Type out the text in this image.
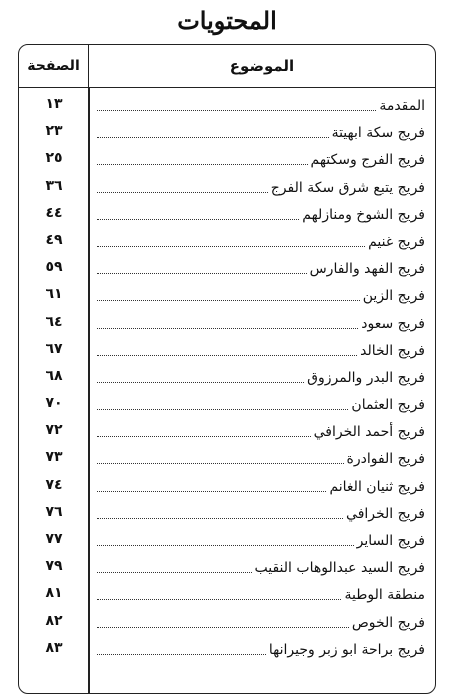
المحتويات
الصفحة	الموضوع
١٣	المقدمة
٢٣	فريج سكة ابهيتة
٢٥	فريج الفرج وسكتهم
٣٦	فريج يتبع شرق سكة الفرج
٤٤	فريج الشوخ ومنازلهم
٤٩	فريج غنيم
٥٩	فريج الفهد والفارس
٦١	فريج الزين
٦٤	فريج سعود
٦٧	فريج الخالد
٦٨	فريج البدر والمرزوق
٧٠	فريج العثمان
٧٢	فريج أحمد الخرافي
٧٣	فريج الفوادرة
٧٤	فريج ثنيان الغانم
٧٦	فريج الخرافي
٧٧	فريج الساير
٧٩	فريج السيد عبدالوهاب النقيب
٨١	منطقة الوطية
٨٢	فريج الخوص
٨٣	فريج براحة ابو زبر وجيرانها
